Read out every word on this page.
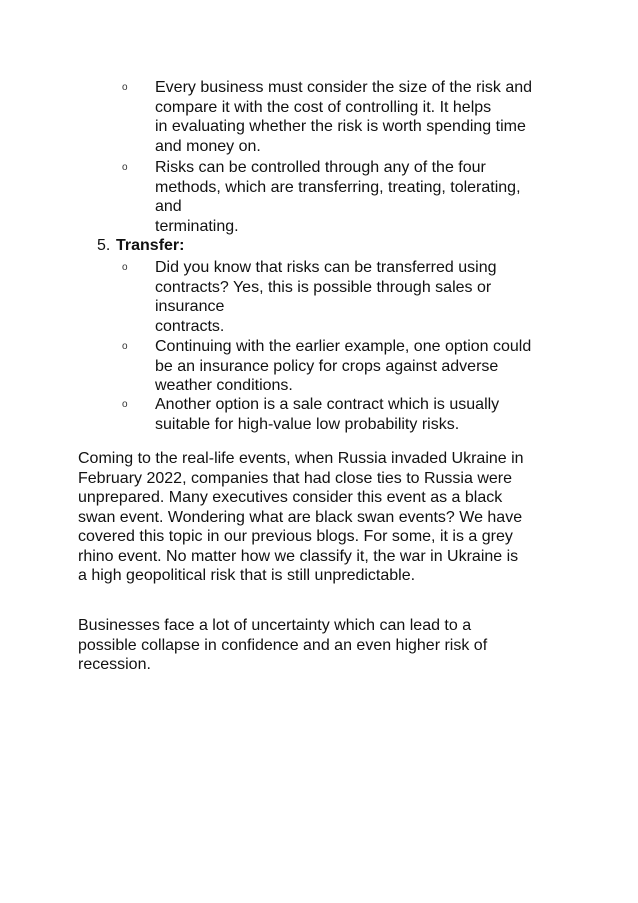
o	Every business must consider the size of the risk and
compare it with the cost of controlling it. It helps
in evaluating whether the risk is worth spending time
and money on.
o	Risks can be controlled through any of the four
methods, which are transferring, treating, tolerating,
and
terminating.
5. Transfer:
o	Did you know that risks can be transferred using
contracts? Yes, this is possible through sales or
insurance
contracts.
o	Continuing with the earlier example, one option could
be an insurance policy for crops against adverse
weather conditions.
o	Another option is a sale contract which is usually
suitable for high-value low probability risks.
Coming to the real-life events, when Russia invaded Ukraine in
February 2022, companies that had close ties to Russia were
unprepared. Many executives consider this event as a black
swan event. Wondering what are black swan events? We have
covered this topic in our previous blogs. For some, it is a grey
rhino event. No matter how we classify it, the war in Ukraine is
a high geopolitical risk that is still unpredictable.
Businesses face a lot of uncertainty which can lead to a
possible collapse in confidence and an even higher risk of
recession.
